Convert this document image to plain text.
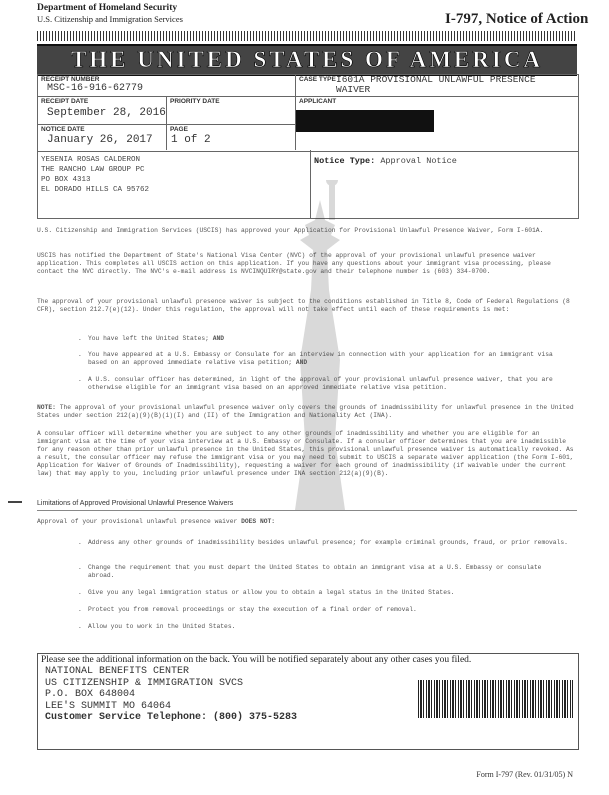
Department of Homeland Security
U.S. Citizenship and Immigration Services	I-797, Notice of Action
THE UNITED STATES OF AMERICA
RECEIPT NUMBER
MSC-16-916-62779
CASE TYPE I601A PROVISIONAL UNLAWFUL PRESENCE WAIVER
RECEIPT DATE
September 28, 2016
PRIORITY DATE	APPLICANT
NOTICE DATE
January 26, 2017
PAGE
1 of 2
YESENIA ROSAS CALDERON
THE RANCHO LAW GROUP PC
PO BOX 4313
EL DORADO HILLS CA 95762
Notice Type: Approval Notice
U.S. Citizenship and Immigration Services (USCIS) has approved your Application for Provisional Unlawful Presence Waiver, Form I-601A.
USCIS has notified the Department of State's National Visa Center (NVC) of the approval of your provisional unlawful presence waiver application. This completes all USCIS action on this application. If you have any questions about your immigrant visa processing, please contact the NVC directly. The NVC's e-mail address is NVCINQUIRY@state.gov and their telephone number is (603) 334-0700.
The approval of your provisional unlawful presence waiver is subject to the conditions established in Title 8, Code of Federal Regulations (8 CFR), section 212.7(e)(12). Under this regulation, the approval will not take effect until each of these requirements is met:
. You have left the United States; AND
. You have appeared at a U.S. Embassy or Consulate for an interview in connection with your application for an immigrant visa based on an approved immediate relative visa petition; AND
. A U.S. consular officer has determined, in light of the approval of your provisional unlawful presence waiver, that you are otherwise eligible for an immigrant visa based on an approved immediate relative visa petition.
NOTE: The approval of your provisional unlawful presence waiver only covers the grounds of inadmissibility for unlawful presence in the United States under section 212(a)(9)(B)(i)(I) and (II) of the Immigration and Nationality Act (INA).
A consular officer will determine whether you are subject to any other grounds of inadmissibility and whether you are eligible for an immigrant visa at the time of your visa interview at a U.S. Embassy or Consulate. If a consular officer determines that you are inadmissible for any reason other than prior unlawful presence in the United States, this provisional unlawful presence waiver is automatically revoked. As a result, the consular officer may refuse the immigrant visa or you may need to submit to USCIS a separate waiver application (the Form I-601, Application for Waiver of Grounds of Inadmissibility), requesting a waiver for each ground of inadmissibility (if waivable under the current law) that may apply to you, including prior unlawful presence under INA section 212(a)(9)(B).
Limitations of Approved Provisional Unlawful Presence Waivers
Approval of your provisional unlawful presence waiver DOES NOT:
. Address any other grounds of inadmissibility besides unlawful presence; for example criminal grounds, fraud, or prior removals.
. Change the requirement that you must depart the United States to obtain an immigrant visa at a U.S. Embassy or consulate abroad.
. Give you any legal immigration status or allow you to obtain a legal status in the United States.
. Protect you from removal proceedings or stay the execution of a final order of removal.
. Allow you to work in the United States.
Please see the additional information on the back. You will be notified separately about any other cases you filed.
NATIONAL BENEFITS CENTER
US CITIZENSHIP & IMMIGRATION SVCS
P.O. BOX 648004
LEE'S SUMMIT MO 64064
Customer Service Telephone: (800) 375-5283
Form I-797 (Rev. 01/31/05) N
